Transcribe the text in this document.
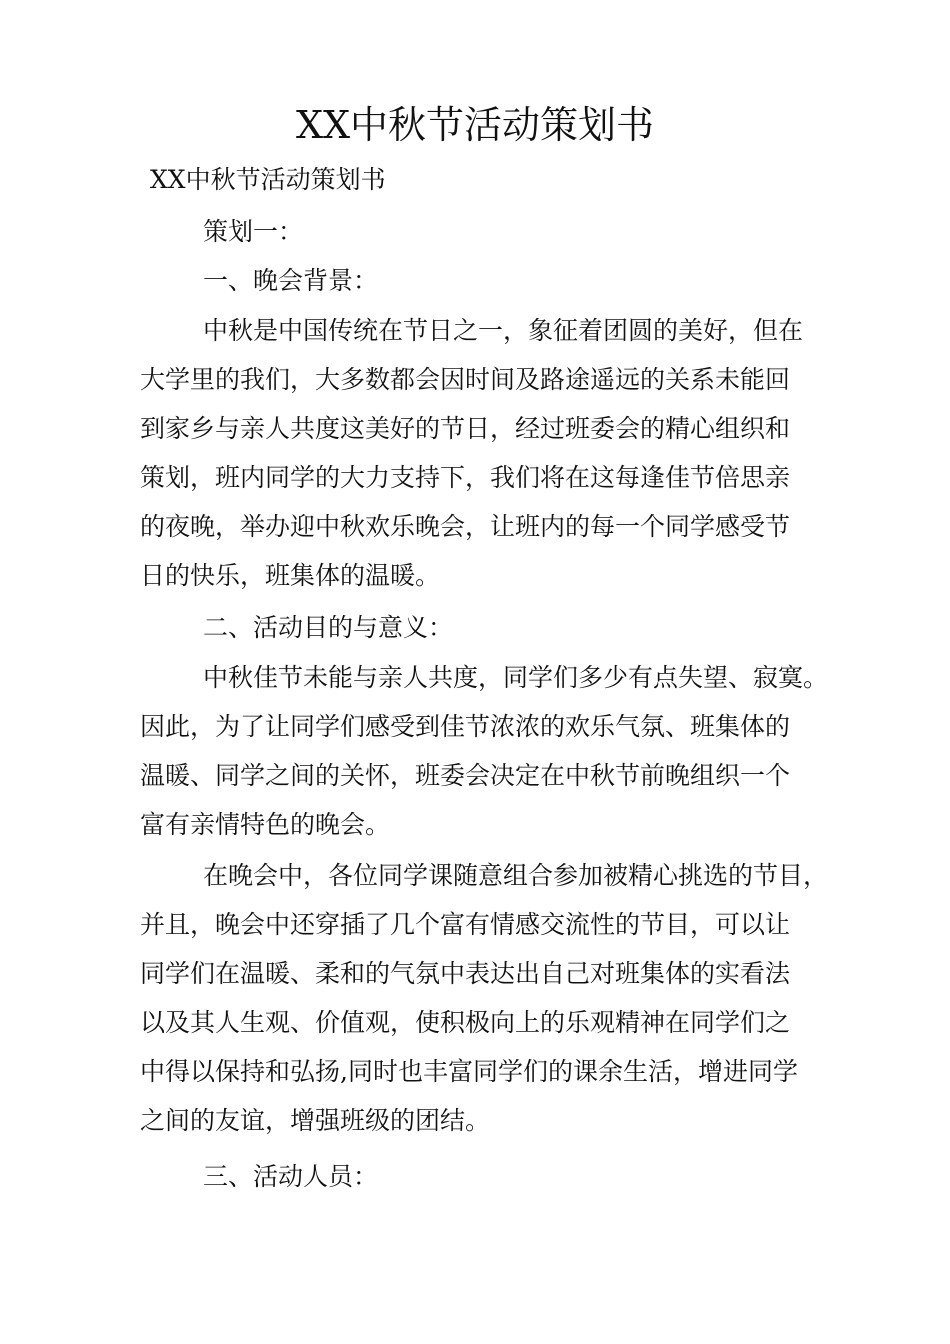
XX中秋节活动策划书

XX中秋节活动策划书

策划一：

一、晚会背景：

中秋是中国传统在节日之一，象征着团圆的美好，但在
大学里的我们，大多数都会因时间及路途遥远的关系未能回
到家乡与亲人共度这美好的节日，经过班委会的精心组织和
策划，班内同学的大力支持下，我们将在这每逢佳节倍思亲
的夜晚，举办迎中秋欢乐晚会，让班内的每一个同学感受节
日的快乐，班集体的温暖。

二、活动目的与意义：

中秋佳节未能与亲人共度，同学们多少有点失望、寂寞。
因此，为了让同学们感受到佳节浓浓的欢乐气氛、班集体的
温暖、同学之间的关怀，班委会决定在中秋节前晚组织一个
富有亲情特色的晚会。
在晚会中，各位同学课随意组合参加被精心挑选的节目，
并且，晚会中还穿插了几个富有情感交流性的节目，可以让
同学们在温暖、柔和的气氛中表达出自己对班集体的实看法
以及其人生观、价值观，使积极向上的乐观精神在同学们之
中得以保持和弘扬,同时也丰富同学们的课余生活，增进同学
之间的友谊，增强班级的团结。

三、活动人员：
